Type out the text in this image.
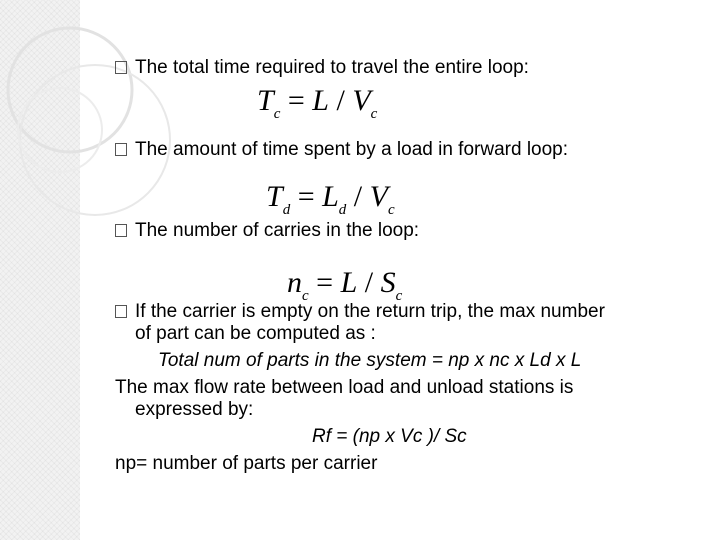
The total time required to travel the entire loop:
$T_c = L / V_c$
The amount of time spent by a load in forward loop:
$T_d = L_d / V_c$
The number of carries in the loop:
$n_c = L / S_c$
If the carrier is empty on the return trip, the max number
of part can be computed as :
Total num of parts in the system = np x nc x Ld x L
The max flow rate between load and unload stations is
expressed by:
Rf = (np x Vc )/ Sc
np= number of parts per carrier
